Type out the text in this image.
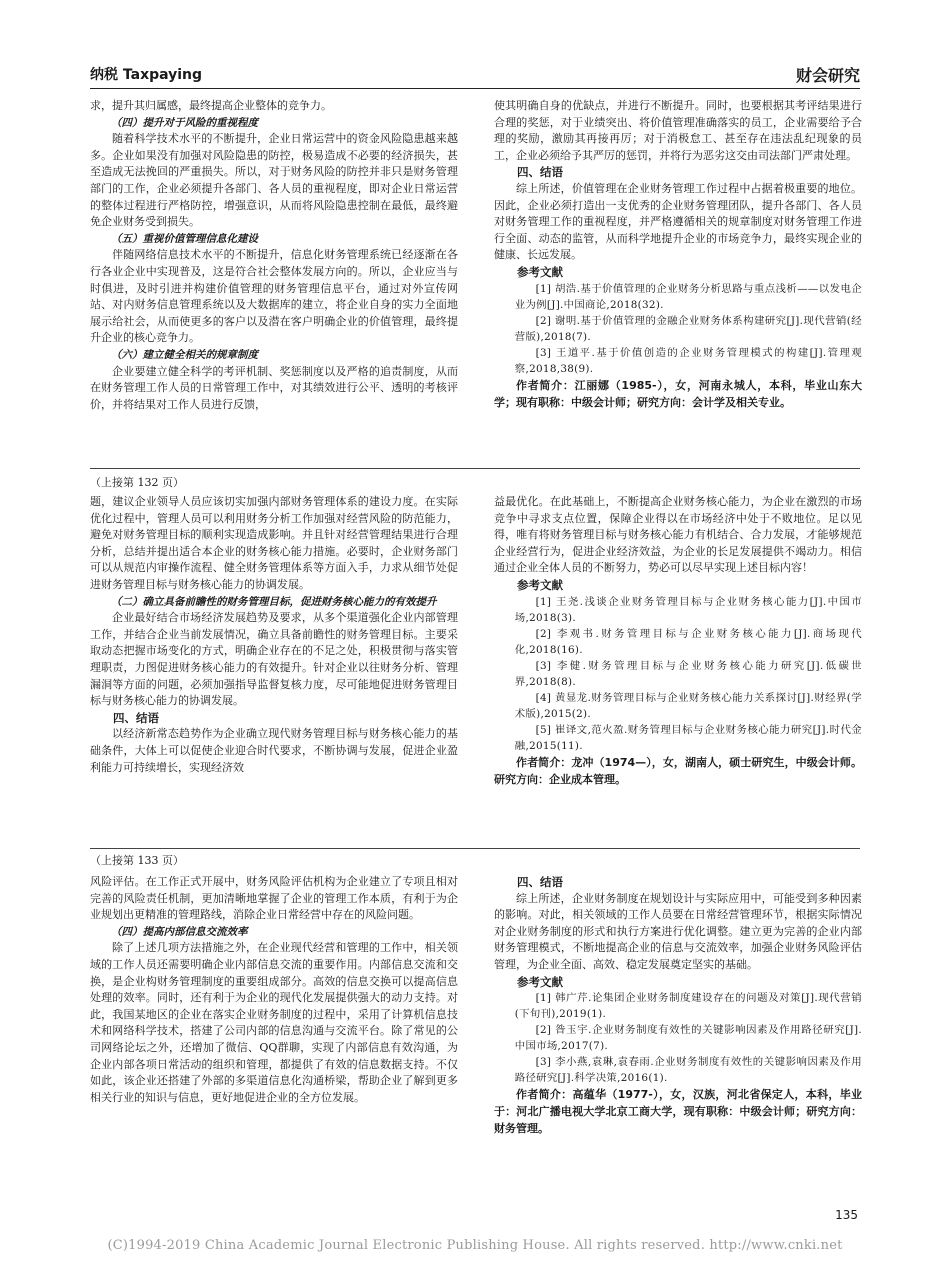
纳税 Taxpaying	财会研究

求，提升其归属感，最终提高企业整体的竞争力。

（四）提升对于风险的重视程度

随着科学技术水平的不断提升，企业日常运营中的资金风险隐患越来越多。企业如果没有加强对风险隐患的防控，极易造成不必要的经济损失，甚至造成无法挽回的严重损失。所以，对于财务风险的防控并非只是财务管理部门的工作，企业必须提升各部门、各人员的重视程度，即对企业日常运营的整体过程进行严格防控，增强意识，从而将风险隐患控制在最低，最终避免企业财务受到损失。

（五）重视价值管理信息化建设

伴随网络信息技术水平的不断提升，信息化财务管理系统已经逐渐在各行各业企业中实现普及，这是符合社会整体发展方向的。所以，企业应当与时俱进，及时引进并构建价值管理的财务管理信息平台，通过对外宣传网站、对内财务信息管理系统以及大数据库的建立，将企业自身的实力全面地展示给社会，从而使更多的客户以及潜在客户明确企业的价值管理，最终提升企业的核心竞争力。

（六）建立健全相关的规章制度

企业要建立健全科学的考评机制、奖惩制度以及严格的追责制度，从而在财务管理工作人员的日常管理工作中，对其绩效进行公平、透明的考核评价，并将结果对工作人员进行反馈，

使其明确自身的优缺点，并进行不断提升。同时，也要根据其考评结果进行合理的奖惩，对于业绩突出、将价值管理准确落实的员工，企业需要给予合理的奖励，激励其再接再厉；对于消极怠工、甚至存在违法乱纪现象的员工，企业必须给予其严厉的惩罚，并将行为恶劣这交由司法部门严肃处理。

四、结语

综上所述，价值管理在企业财务管理工作过程中占据着极重要的地位。因此，企业必须打造出一支优秀的企业财务管理团队，提升各部门、各人员对财务管理工作的重视程度，并严格遵循相关的规章制度对财务管理工作进行全面、动态的监管，从而科学地提升企业的市场竞争力，最终实现企业的健康、长远发展。

参考文献

[1] 胡浩.基于价值管理的企业财务分析思路与重点浅析——以发电企业为例[J].中国商论,2018(32).

[2] 谢明.基于价值管理的金融企业财务体系构建研究[J].现代营销(经营版),2018(7).

[3] 王道平.基于价值创造的企业财务管理模式的构建[J].管理观察,2018,38(9).

作者简介：江丽娜（1985-），女，河南永城人，本科，毕业山东大学；现有职称：中级会计师；研究方向：会计学及相关专业。

（上接第 132 页）

题，建议企业领导人员应该切实加强内部财务管理体系的建设力度。在实际优化过程中，管理人员可以利用财务分析工作加强对经营风险的防范能力，避免对财务管理目标的顺利实现造成影响。并且针对经营管理结果进行合理分析，总结并提出适合本企业的财务核心能力措施。必要时，企业财务部门可以从规范内审操作流程、健全财务管理体系等方面入手，力求从细节处促进财务管理目标与财务核心能力的协调发展。

（二）确立具备前瞻性的财务管理目标，促进财务核心能力的有效提升

企业最好结合市场经济发展趋势及要求，从多个渠道强化企业内部管理工作，并结合企业当前发展情况，确立具备前瞻性的财务管理目标。主要采取动态把握市场变化的方式，明确企业存在的不足之处，积极贯彻与落实管理职责，力图促进财务核心能力的有效提升。针对企业以往财务分析、管理漏洞等方面的问题，必须加强指导监督复核力度，尽可能地促进财务管理目标与财务核心能力的协调发展。

四、结语

以经济新常态趋势作为企业确立现代财务管理目标与财务核心能力的基础条件，大体上可以促使企业迎合时代要求，不断协调与发展，促进企业盈利能力可持续增长，实现经济效

益最优化。在此基础上，不断提高企业财务核心能力，为企业在激烈的市场竞争中寻求支点位置，保障企业得以在市场经济中处于不败地位。足以见得，唯有将财务管理目标与财务核心能力有机结合、合力发展，才能够规范企业经营行为，促进企业经济效益，为企业的长足发展提供不竭动力。相信通过企业全体人员的不断努力，势必可以尽早实现上述目标内容！

参考文献

[1] 王尧.浅谈企业财务管理目标与企业财务核心能力[J].中国市场,2018(3).

[2] 李观书.财务管理目标与企业财务核心能力[J].商场现代化,2018(16).

[3] 李健.财务管理目标与企业财务核心能力研究[J].低碳世界,2018(8).

[4] 黄显龙.财务管理目标与企业财务核心能力关系探讨[J].财经界(学术版),2015(2).

[5] 崔译文,范火盈.财务管理目标与企业财务核心能力研究[J].时代金融,2015(11).

作者简介：龙冲（1974—），女，湖南人，硕士研究生，中级会计师。研究方向：企业成本管理。

（上接第 133 页）

风险评估。在工作正式开展中，财务风险评估机构为企业建立了专项且相对完善的风险责任机制，更加清晰地掌握了企业的管理工作本质，有利于为企业规划出更精准的管理路线，消除企业日常经营中存在的风险问题。

（四）提高内部信息交流效率

除了上述几项方法措施之外，在企业现代经营和管理的工作中，相关领域的工作人员还需要明确企业内部信息交流的重要作用。内部信息交流和交换，是企业构财务管理制度的重要组成部分。高效的信息交换可以提高信息处理的效率。同时，还有利于为企业的现代化发展提供强大的动力支持。对此，我国某地区的企业在落实企业财务制度的过程中，采用了计算机信息技术和网络科学技术，搭建了公司内部的信息沟通与交流平台。除了常见的公司网络论坛之外，还增加了微信、QQ群聊，实现了内部信息有效沟通，为企业内部各项日常活动的组织和管理，都提供了有效的信息数据支持。不仅如此，该企业还搭建了外部的多渠道信息化沟通桥梁，帮助企业了解到更多相关行业的知识与信息，更好地促进企业的全方位发展。

四、结语

综上所述，企业财务制度在规划设计与实际应用中，可能受到多种因素的影响。对此，相关领域的工作人员要在日常经营管理环节，根据实际情况对企业财务制度的形式和执行方案进行优化调整。建立更为完善的企业内部财务管理模式，不断地提高企业的信息与交流效率，加强企业财务风险评估管理，为企业全面、高效、稳定发展奠定坚实的基础。

参考文献

[1] 韩广芹.论集团企业财务制度建设存在的问题及对策[J].现代营销(下旬刊),2019(1).

[2] 昝玉宇.企业财务制度有效性的关键影响因素及作用路径研究[J].中国市场,2017(7).

[3] 李小燕,袁琳,袁春雨.企业财务制度有效性的关键影响因素及作用路径研究[J].科学决策,2016(1).

作者简介：高蕴华（1977-），女，汉族，河北省保定人，本科，毕业于：河北广播电视大学北京工商大学，现有职称：中级会计师；研究方向：财务管理。

135
(C)1994-2019 China Academic Journal Electronic Publishing House. All rights reserved. http://www.cnki.net
